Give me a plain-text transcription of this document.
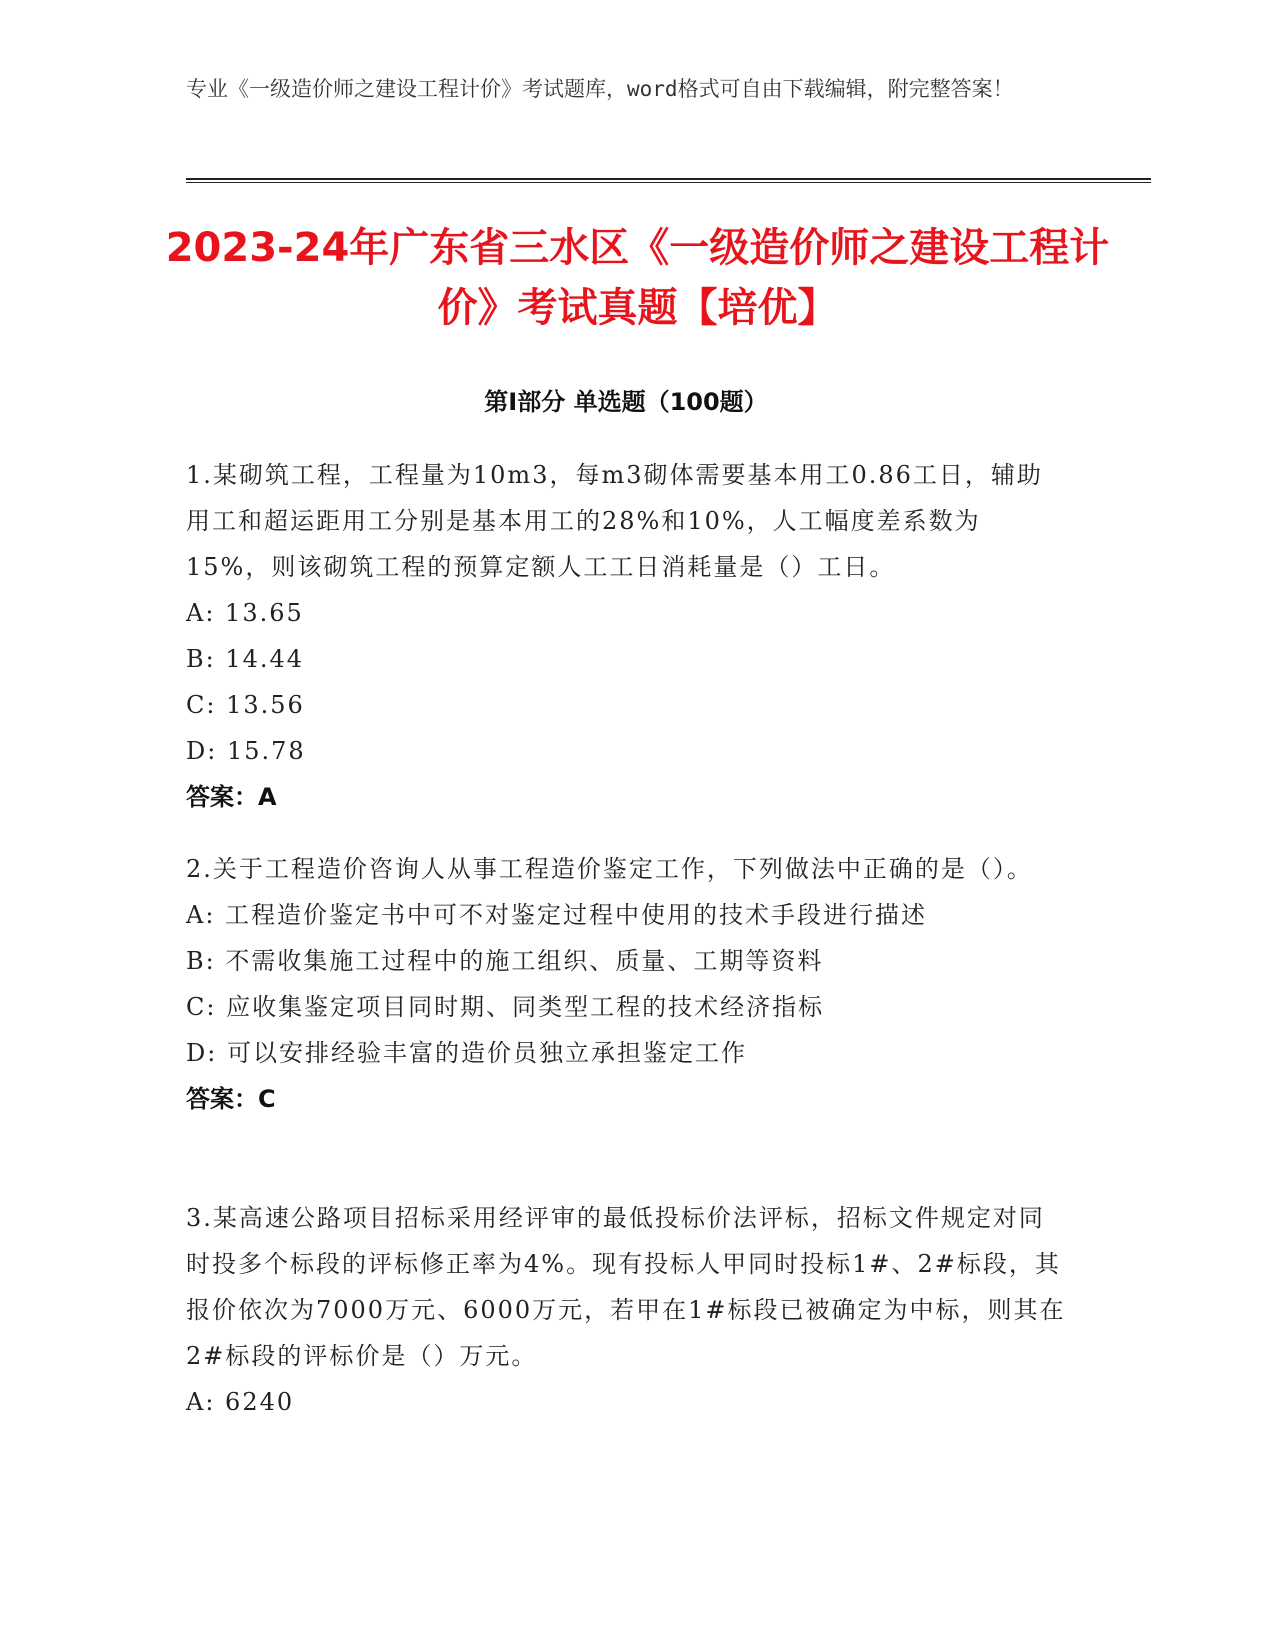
专业《一级造价师之建设工程计价》考试题库，word格式可自由下载编辑，附完整答案！
2023-24年广东省三水区《一级造价师之建设工程计价》考试真题【培优】
第I部分 单选题（100题）
1.某砌筑工程，工程量为10m3，每m3砌体需要基本用工0.86工日，辅助用工和超运距用工分别是基本用工的28%和10%，人工幅度差系数为15%，则该砌筑工程的预算定额人工工日消耗量是（）工日。
A: 13.65
B: 14.44
C: 13.56
D: 15.78
答案：A
2.关于工程造价咨询人从事工程造价鉴定工作，下列做法中正确的是（）。
A: 工程造价鉴定书中可不对鉴定过程中使用的技术手段进行描述
B: 不需收集施工过程中的施工组织、质量、工期等资料
C: 应收集鉴定项目同时期、同类型工程的技术经济指标
D: 可以安排经验丰富的造价员独立承担鉴定工作
答案：C
3.某高速公路项目招标采用经评审的最低投标价法评标，招标文件规定对同时投多个标段的评标修正率为4%。现有投标人甲同时投标1#、2#标段，其报价依次为7000万元、6000万元，若甲在1#标段已被确定为中标，则其在2#标段的评标价是（）万元。
A: 6240
